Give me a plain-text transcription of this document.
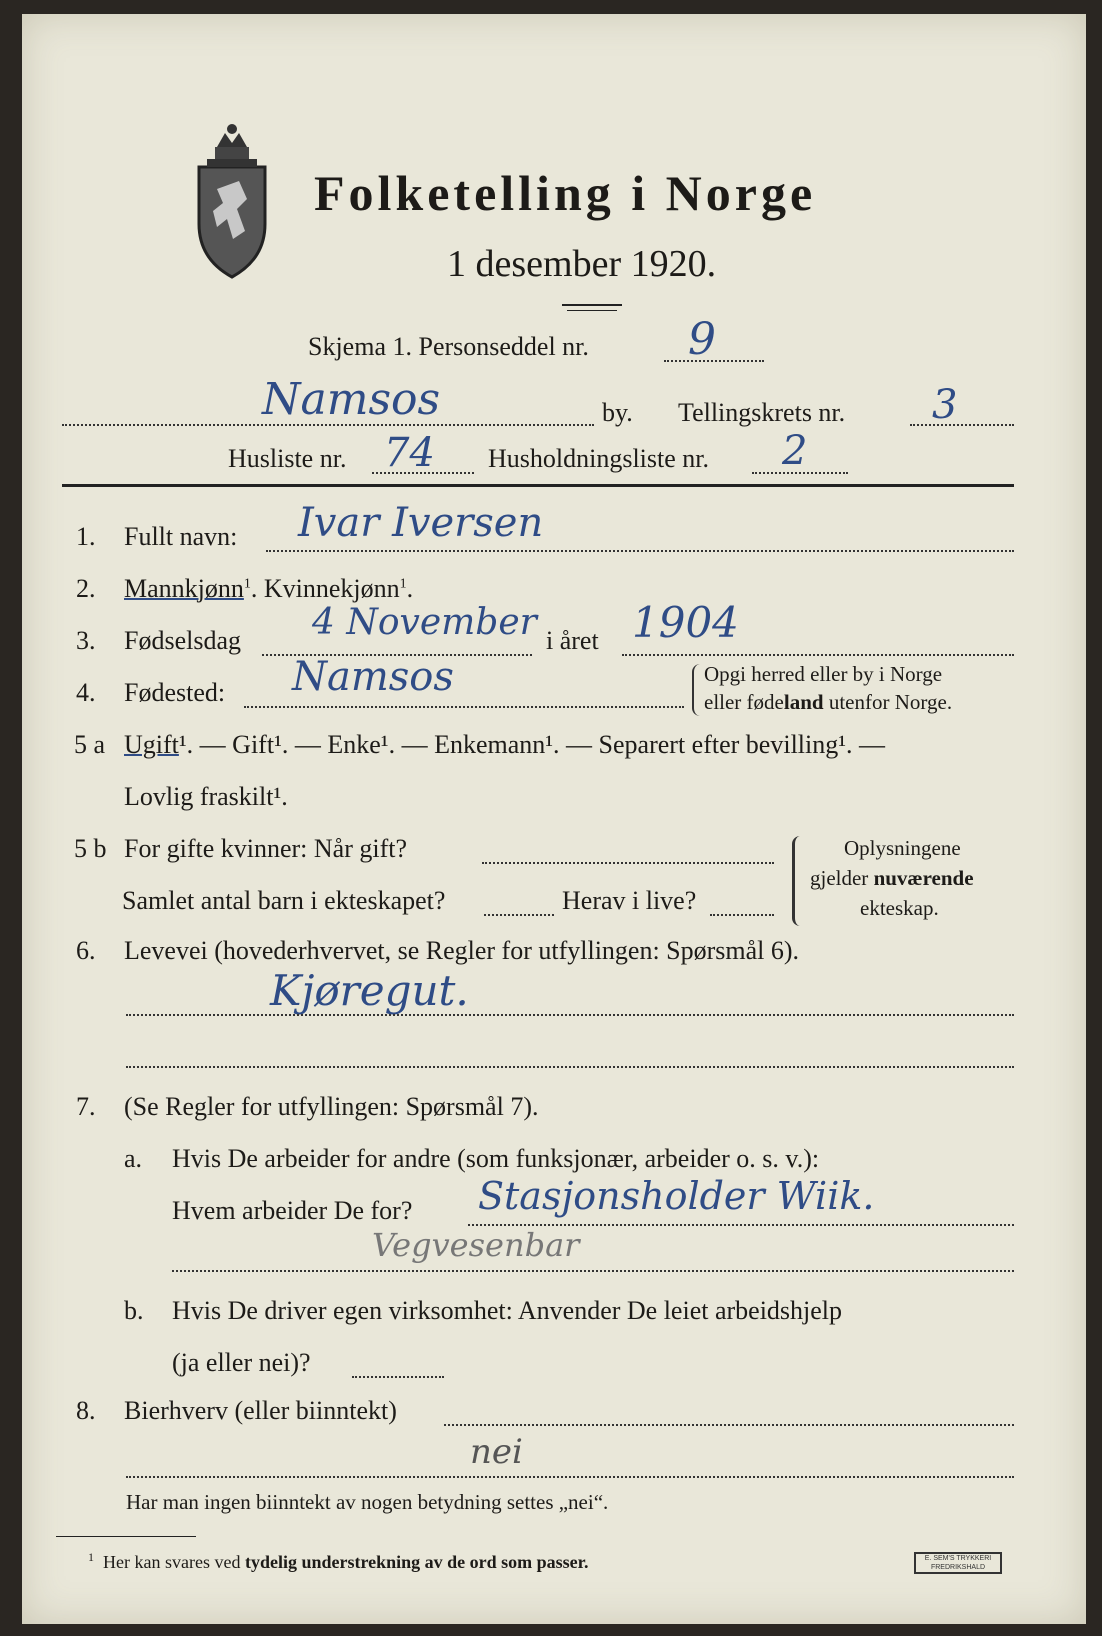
Folketelling i Norge
1 desember 1920.
Skjema 1. Personseddel nr. 9
Namsos	by. Tellingskrets nr. 3
Husliste nr. 74 Husholdningsliste nr. 2
1. Fullt navn: Ivar Iversen
2. Mannkjønn$^1$. Kvinnekjønn$^1$.
3. Fødselsdag 4 November i året 1904
4. Fødested: Namsos	Opgi herred eller by i Norge
eller fødeland utenfor Norge.
5 a Ugift¹. — Gift¹. — Enke¹. — Enkemann¹. — Separert efter bevilling¹. —
Lovlig fraskilt¹.
5 b For gifte kvinner: Når gift?
Samlet antal barn i ekteskapet?	Herav i live?
Oplysningene
gjelder nuværende
ekteskap.
6. Levevei (hovederhvervet, se Regler for utfyllingen: Spørsmål 6).
Kjøregut.
7. (Se Regler for utfyllingen: Spørsmål 7).
a. Hvis De arbeider for andre (som funksjonær, arbeider o. s. v.):
Hvem arbeider De for? Stasjonsholder Wiik.
Vegvesenbar
b. Hvis De driver egen virksomhet: Anvender De leiet arbeidshjelp
(ja eller nei)?
8. Bierhverv (eller biinntekt)
nei
Har man ingen biinntekt av nogen betydning settes „nei“.
$^1$ Her kan svares ved tydelig understrekning av de ord som passer.	E. SEM'S TRYKKERI
FREDRIKSHALD
